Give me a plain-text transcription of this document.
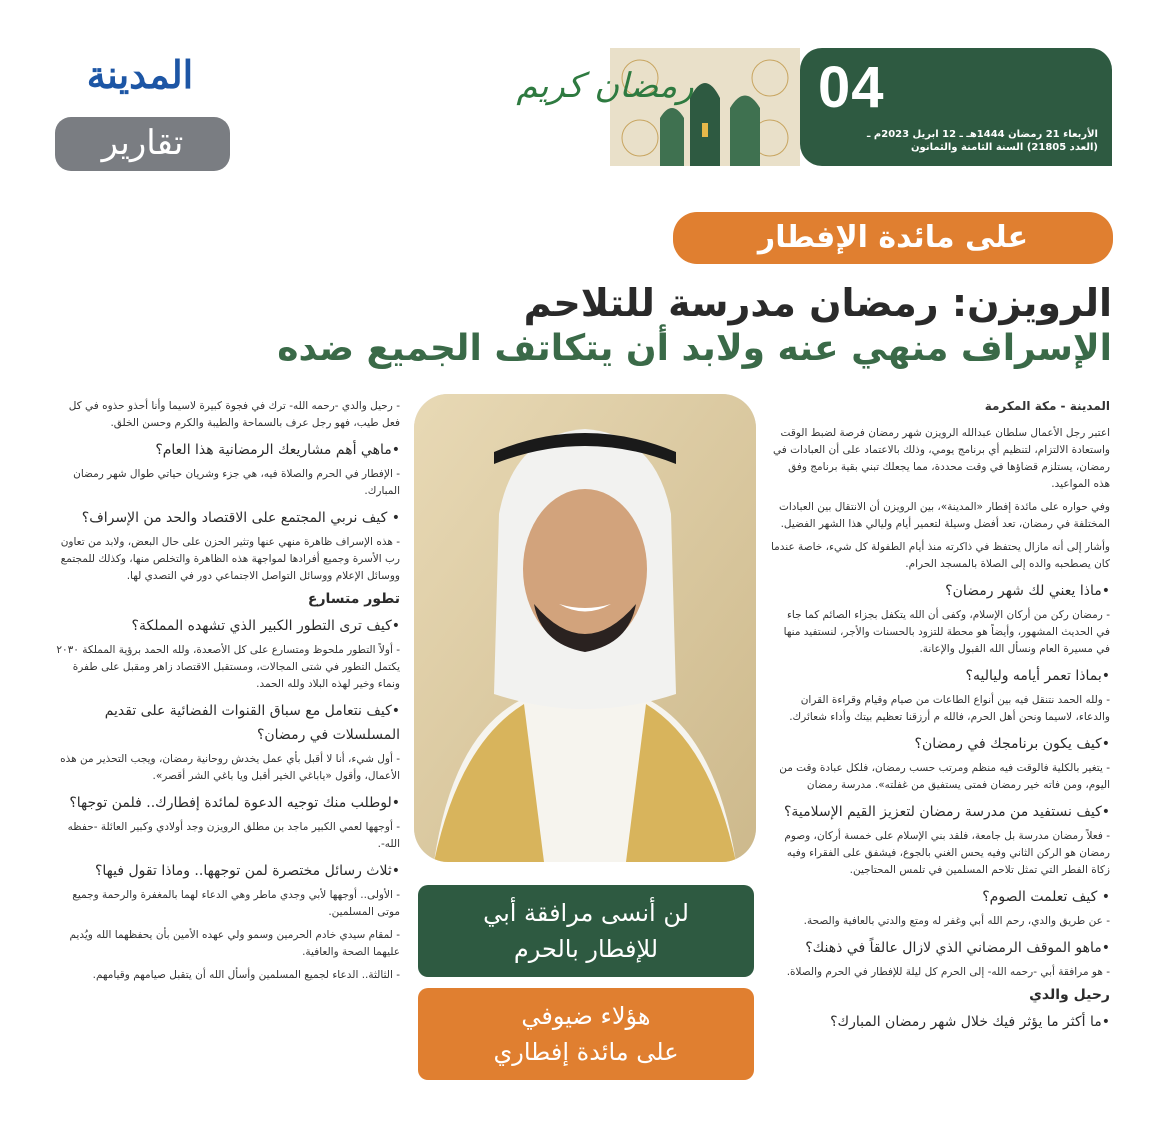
المدينة
تقارير
رمضان كريم 04
الأربعاء 21 رمضان 1444هـ ـ 12 ابريل 2023م ـ
(العدد 21805) السنة الثامنة والثمانون
على مائدة الإفطار
الرويزن: رمضان مدرسة للتلاحم
الإسراف منهي عنه ولابد أن يتكاتف الجميع ضده
المدينة - مكة المكرمة

اعتبر رجل الأعمال سلطان عبدالله الرويزن شهر رمضان فرصة لضبط الوقت واستعادة الالتزام، لتنظيم أي برنامج يومي، وذلك بالاعتماد على أن العبادات في رمضان، يستلزم قضاؤها في وقت محددة، مما يجعلك تبني بقية برنامج وفق هذه المواعيد.

وفي حواره على مائدة إفطار «المدينة»، بين الرويزن أن الانتقال بين العبادات المختلفة في رمضان، تعد أفضل وسيلة لتعمير أيام وليالي هذا الشهر الفضيل.

وأشار إلى أنه مازال يحتفظ في ذاكرته منذ أيام الطفولة كل شيء، خاصة عندما كان يصطحبه والده إلى الصلاة بالمسجد الحرام.

•ماذا يعني لك شهر رمضان؟

- رمضان ركن من أركان الإسلام، وكفى أن الله يتكفل بجزاء الصائم كما جاء في الحديث المشهور، وأيضاً هو محطة للتزود بالحسنات والأجر، لنستفيد منها في مسيرة العام ونسأل الله القبول والإعانة.

•بماذا تعمر أيامه ولياليه؟

- ولله الحمد نتنقل فيه بين أنواع الطاعات من صيام وقيام وقراءة القران والدعاء، لاسيما ونحن أهل الحرم، فالله م أرزقنا تعظيم بيتك وأداء شعائرك.

•كيف يكون برنامجك في رمضان؟

- يتغير بالكلية فالوقت فيه منظم ومرتب حسب رمضان، فلكل عبادة وقت من اليوم، ومن فاته خير رمضان فمتى يستفيق من غفلته». مدرسة رمضان

•كيف نستفيد من مدرسة رمضان لتعزيز القيم الإسلامية؟

- فعلاً رمضان مدرسة بل جامعة، فلقد بني الإسلام على خمسة أركان، وصوم رمضان هو الركن الثاني وفيه يحس الغني بالجوع، فيشفق على الفقراء وفيه زكاة الفطر التي تمثل تلاحم المسلمين في تلمس المحتاجين.

• كيف تعلمت الصوم؟

- عن طريق والدي، رحم الله أبي وغفر له ومتع والدتي بالعافية والصحة.

•ماهو الموقف الرمضاني الذي لازال عالقاً في ذهنك؟

- هو مرافقة أبي -رحمه الله- إلى الحرم كل ليلة للإفطار في الحرم والصلاة.

رحيل والدي
•ما أكثر ما يؤثر فيك خلال شهر رمضان المبارك؟

- رحيل والدي -رحمه الله- ترك في فجوة كبيرة لاسيما وأنا أحذو حذوه في كل فعل طيب، فهو رجل عرف بالسماحة والطيبة والكرم وحسن الخلق.

•ماهي أهم مشاريعك الرمضانية هذا العام؟

- الإفطار في الحرم والصلاة فيه، هي جزء وشريان حياتي طوال شهر رمضان المبارك.

• كيف نربي المجتمع على الاقتصاد والحد من الإسراف؟

- هذه الإسراف ظاهرة منهي عنها وتثير الحزن على حال البعض، ولابد من تعاون رب الأسرة وجميع أفرادها لمواجهة هذه الظاهرة والتخلص منها، وكذلك للمجتمع ووسائل الإعلام ووسائل التواصل الاجتماعي دور في التصدي لها.

تطور متسارع
•كيف ترى التطور الكبير الذي تشهده المملكة؟

- أولاً التطور ملحوظ ومتسارع على كل الأصعدة، ولله الحمد برؤية المملكة ٢٠٣٠ يكتمل التطور في شتى المجالات، ومستقبل الاقتصاد زاهر ومقبل على طفرة ونماء وخير لهذه البلاد ولله الحمد.

•كيف نتعامل مع سباق القنوات الفضائية على تقديم المسلسلات في رمضان؟

- أول شيء، أنا لا أقبل بأي عمل يخدش روحانية رمضان، ويجب التحذير من هذه الأعمال، وأقول «ياباغي الخير أقبل ويا باغي الشر أقصر».

•لوطلب منك توجيه الدعوة لمائدة إفطارك.. فلمن توجها؟

- أوجهها لعمي الكبير ماجد بن مطلق الرويزن وجد أولادي وكبير العائلة -حفظه الله-.

•ثلاث رسائل مختصرة لمن توجهها.. وماذا تقول فيها؟

- الأولى.. أوجهها لأبي وجدي ماطر وهي الدعاء لهما بالمغفرة والرحمة وجميع موتى المسلمين.

- لمقام سيدي خادم الحرمين وسمو ولي عهده الأمين بأن يحفظهما الله ويُديم عليهما الصحة والعافية.

- الثالثة.. الدعاء لجميع المسلمين وأسأل الله أن يتقبل صيامهم وقيامهم.

لن أنسى مرافقة أبي
للإفطار بالحرم
هؤلاء ضيوفي
على مائدة إفطاري
